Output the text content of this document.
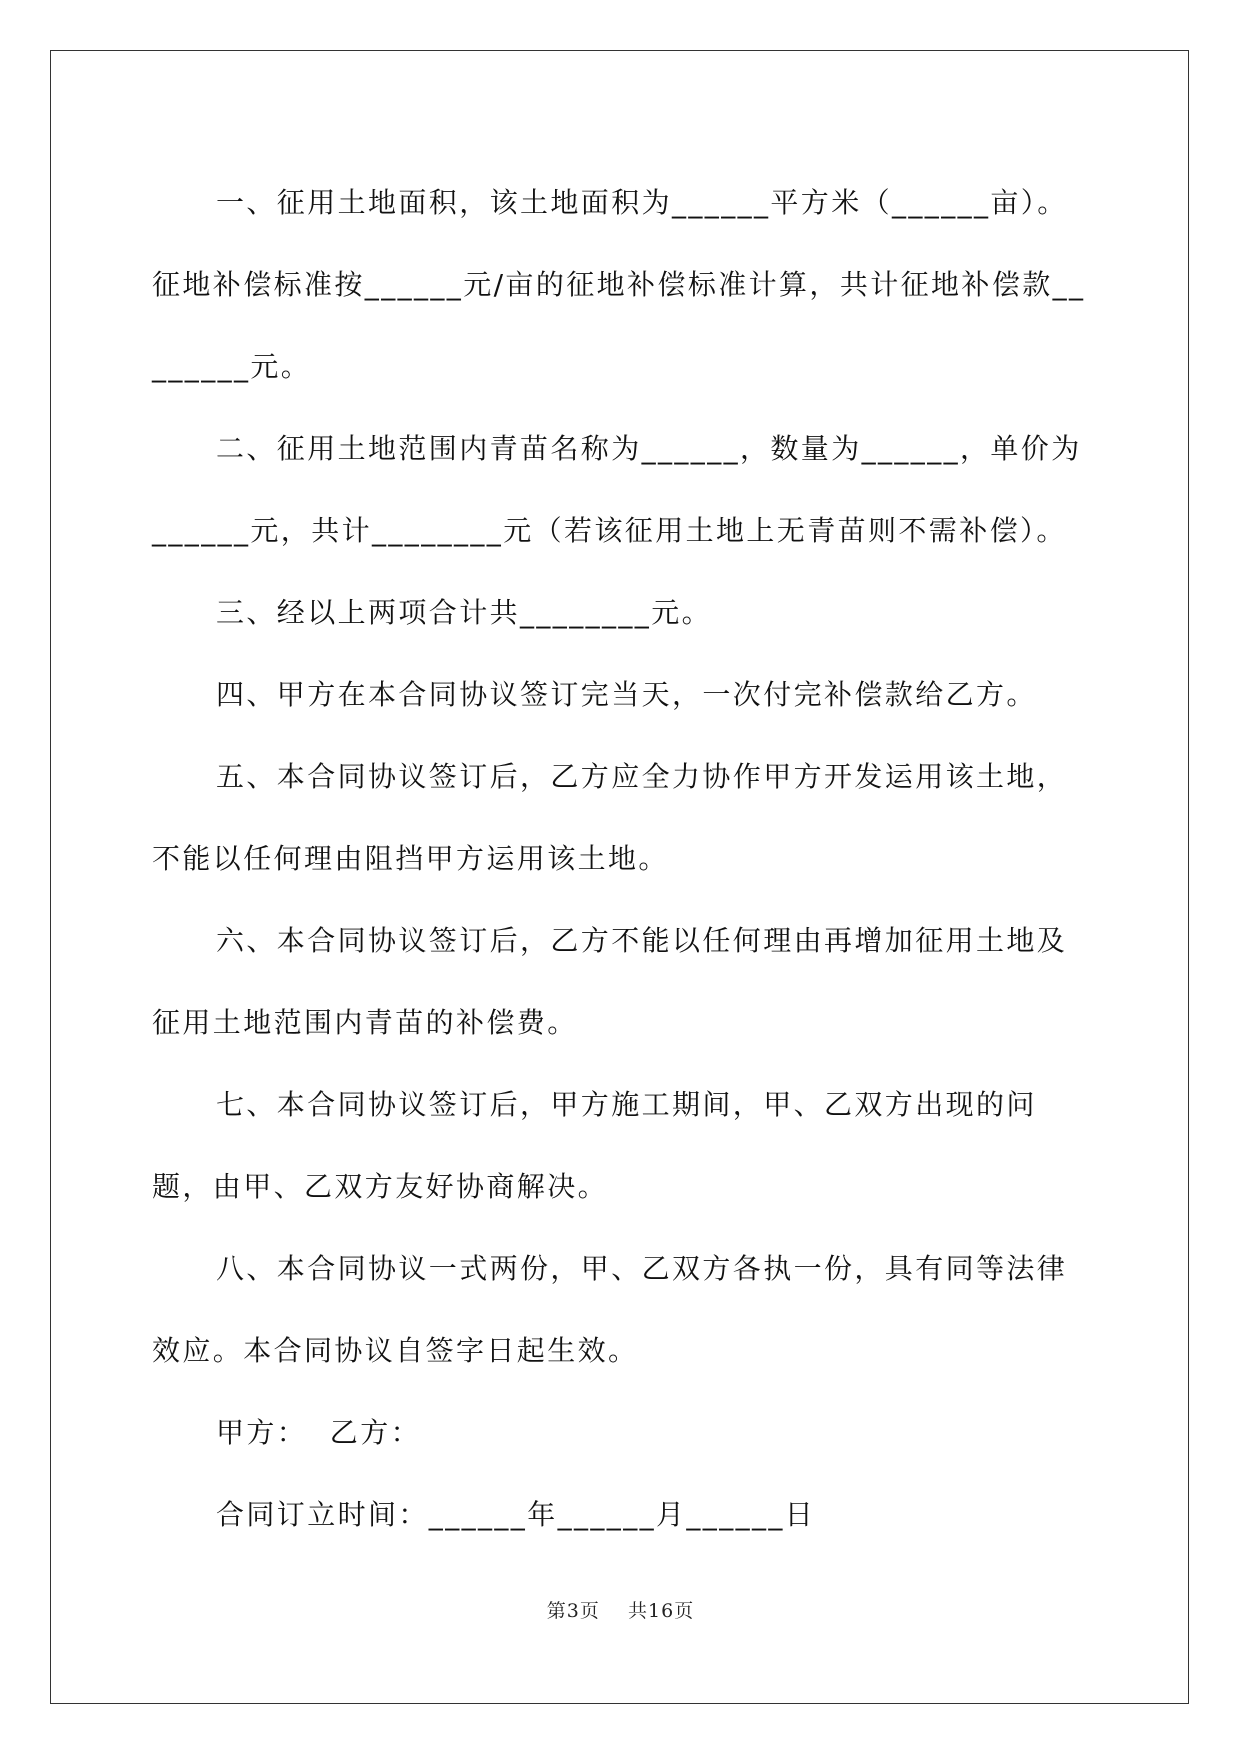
一、征用土地面积，该土地面积为______平方米（______亩）。征地补偿标准按______元/亩的征地补偿标准计算，共计征地补偿款________元。

二、征用土地范围内青苗名称为______，数量为______，单价为______元，共计________元（若该征用土地上无青苗则不需补偿）。

三、经以上两项合计共________元。

四、甲方在本合同协议签订完当天，一次付完补偿款给乙方。

五、本合同协议签订后，乙方应全力协作甲方开发运用该土地，不能以任何理由阻挡甲方运用该土地。

六、本合同协议签订后，乙方不能以任何理由再增加征用土地及征用土地范围内青苗的补偿费。

七、本合同协议签订后，甲方施工期间，甲、乙双方出现的问题，由甲、乙双方友好协商解决。

八、本合同协议一式两份，甲、乙双方各执一份，具有同等法律效应。本合同协议自签字日起生效。

甲方：  乙方：

合同订立时间：______年______月______日

第3页    共16页
